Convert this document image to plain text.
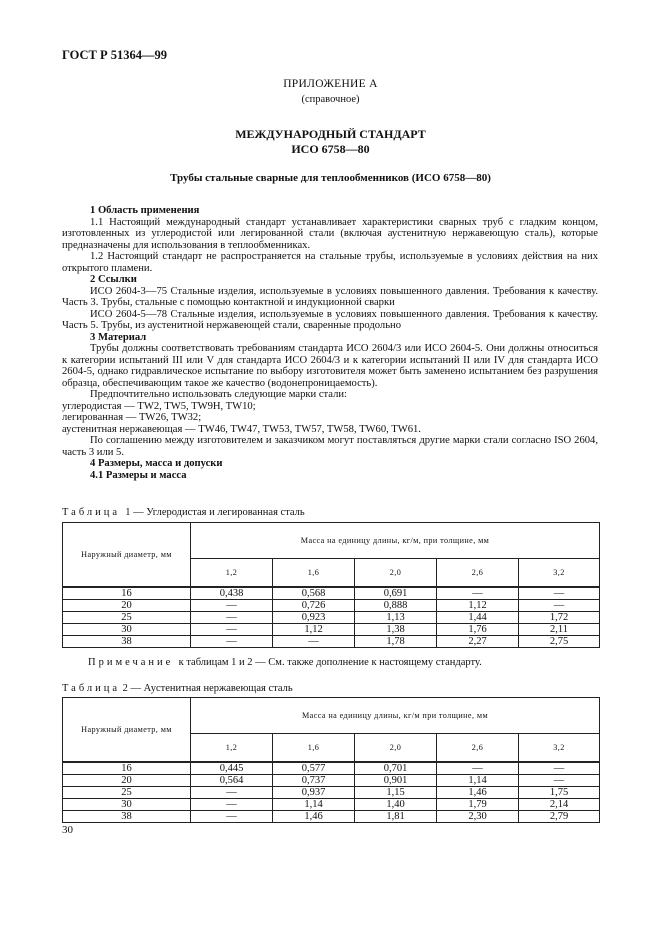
ГОСТ Р 51364—99
ПРИЛОЖЕНИЕ А
(справочное)
МЕЖДУНАРОДНЫЙ СТАНДАРТ
ИСО 6758—80
Трубы стальные сварные для теплообменников (ИСО 6758—80)

1 Область применения

1.1 Настоящий международный стандарт устанавливает характеристики сварных труб с гладким концом, изготовленных из углеродистой или легированной стали (включая аустенитную нержавеющую сталь), которые предназначены для использования в теплообменниках.

1.2 Настоящий стандарт не распространяется на стальные трубы, используемые в условиях действия на них открытого пламени.

2 Ссылки

ИСО 2604-3—75 Стальные изделия, используемые в условиях повышенного давления. Требования к качеству. Часть 3. Трубы, стальные с помощью контактной и индукционной сварки

ИСО 2604-5—78 Стальные изделия, используемые в условиях повышенного давления. Требования к качеству. Часть 5. Трубы, из аустенитной нержавеющей стали, сваренные продольно

3 Материал

Трубы должны соответствовать требованиям стандарта ИСО 2604/3 или ИСО 2604-5. Они должны относиться к категории испытаний III или V для стандарта ИСО 2604/3 и к категории испытаний II или IV для стандарта ИСО 2604-5, однако гидравлическое испытание по выбору изготовителя может быть заменено испытанием без разрушения образца, обеспечивающим такое же качество (водонепроницаемость).

Предпочтительно использовать следующие марки стали:

углеродистая — TW2, TW5, TW9H, TW10;

легированная — TW26, TW32;

аустенитная нержавеющая — TW46, TW47, TW53, TW57, TW58, TW60, TW61.

По соглашению между изготовителем и заказчиком могут поставляться другие марки стали согласно ISO 2604, часть 3 или 5.

4 Размеры, масса и допуски

4.1 Размеры и масса

Таблица 1 — Углеродистая и легированная сталь
Наружный диаметр, мм	Масса на единицу длины, кг/м, при толщине, мм				
	1,2	1,6	2,0	2,6	3,2
16	0,438	0,568	0,691	—	—
20	—	0,726	0,888	1,12	—
25	—	0,923	1,13	1,44	1,72
30	—	1,12	1,38	1,76	2,11
38	—	—	1,78	2,27	2,75
Примечание к таблицам 1 и 2 — См. также дополнение к настоящему стандарту.
Таблица 2 — Аустенитная нержавеющая сталь
Наружный диаметр, мм	Масса на единицу длины, кг/м при толщине, мм				
	1,2	1,6	2,0	2,6	3,2
16	0,445	0,577	0,701	—	—
20	0,564	0,737	0,901	1,14	—
25	—	0,937	1,15	1,46	1,75
30	—	1,14	1,40	1,79	2,14
38	—	1,46	1,81	2,30	2,79
30
